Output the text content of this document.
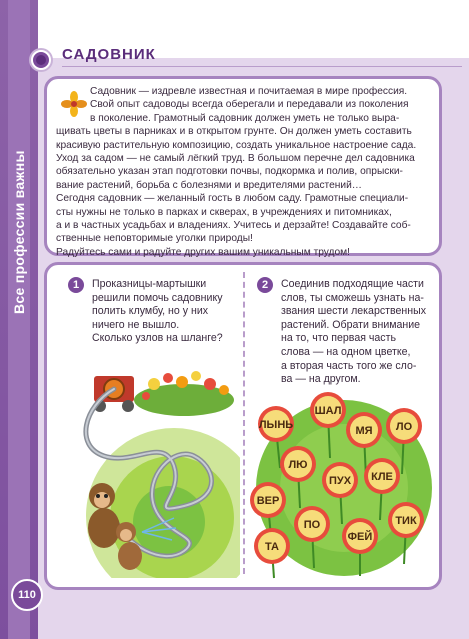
САДОВНИК

Садовник — издревле известная и почитаемая в мире профессия.

Свой опыт садоводы всегда оберегали и передавали из поколения

в поколение. Грамотный садовник должен уметь не только выра-

щивать цветы в парниках и в открытом грунте. Он должен уметь составить

красивую растительную композицию, создать уникальное настроение сада.

Уход за садом — не самый лёгкий труд. В большом перечне дел садовника

обязательно указан этап подготовки почвы, подкормка и полив, опрыски-

вание растений, борьба с болезнями и вредителями растений…

Сегодня садовник — желанный гость в любом саду. Грамотные специали-

сты нужны не только в парках и скверах, в учреждениях и питомниках,

а и в частных усадьбах и владениях. Учитесь и дерзайте! Создавайте соб-

ственные неповторимые уголки природы!

Радуйтесь сами и радуйте других вашим уникальным трудом!

1	Проказницы-мартышки
решили помочь садовнику
полить клумбу, но у них
ничего не вышло.
Сколько узлов на шланге?
2	Соединив подходящие части
слов, ты сможешь узнать на-
звания шести лекарственных
растений. Обрати внимание
на то, что первая часть
слова — на одном цветке,
а вторая часть того же сло-
ва — на другом.
ЛЫНЬ
ШАЛ
МЯ ЛО
ЛЮ
ПУХ КЛЕ
ВЕР
ТИК
ПО
ФЕЙ
ТА
110
